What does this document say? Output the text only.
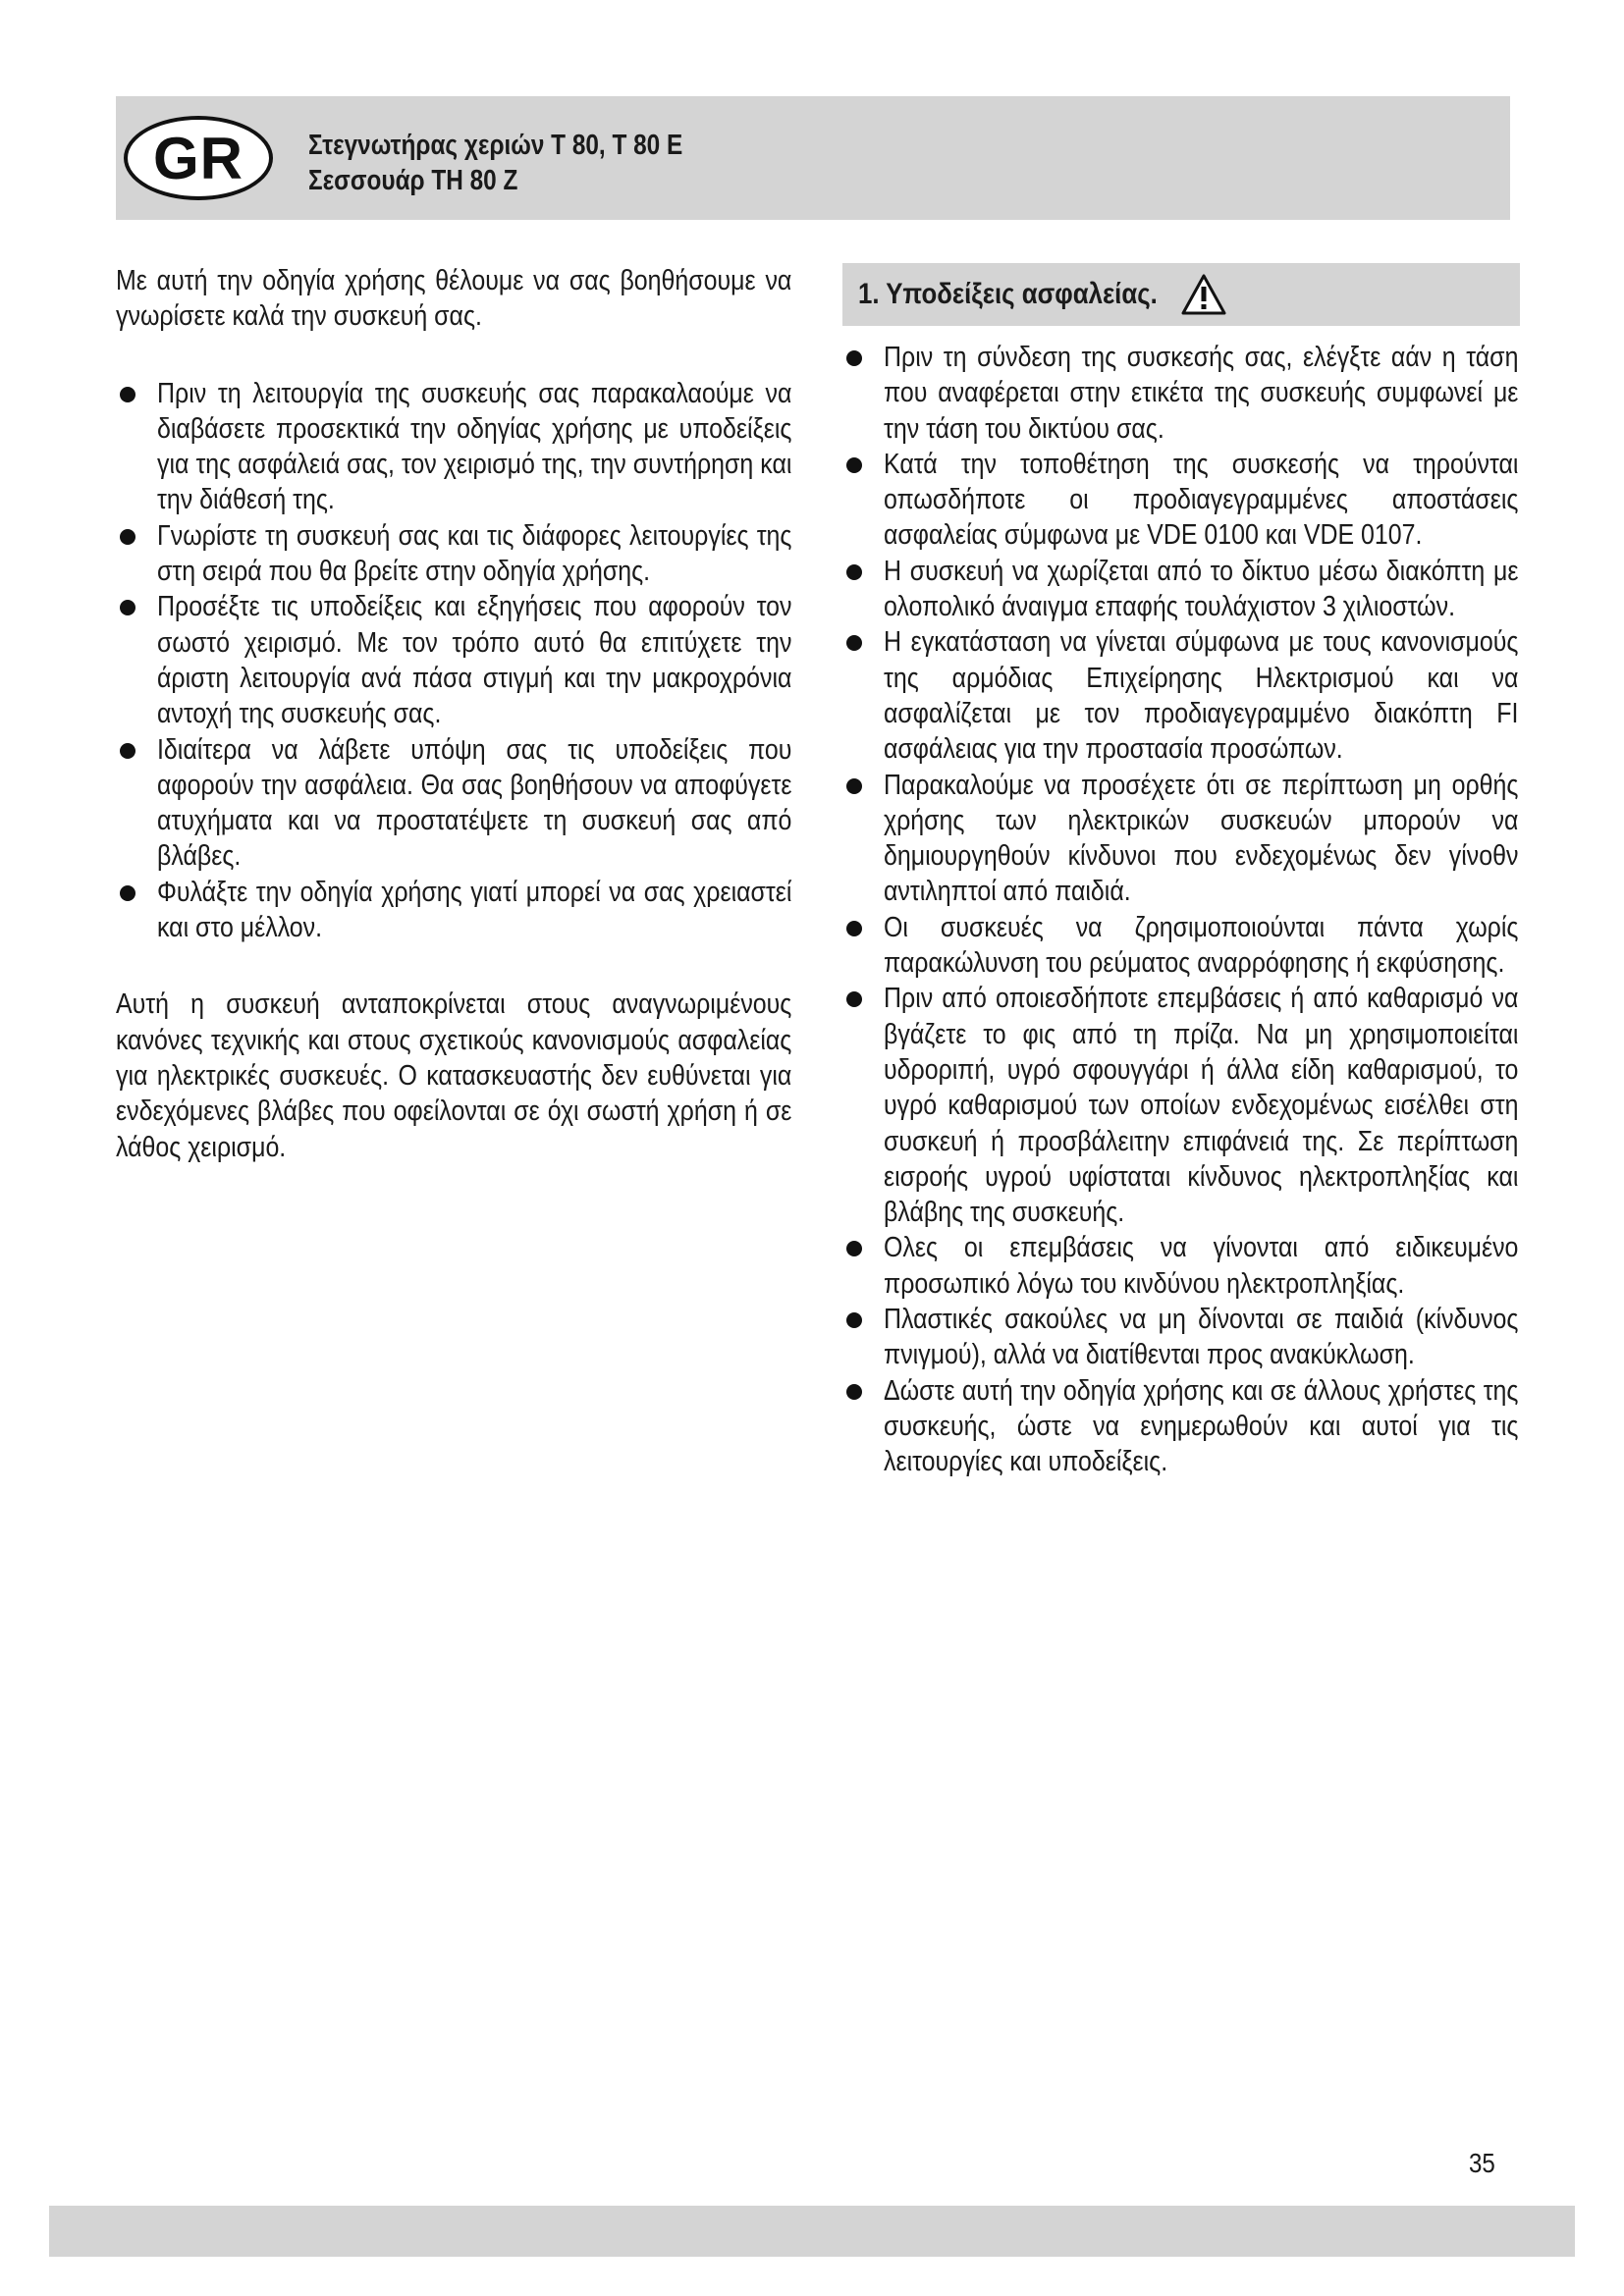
GR	Στεγνωτήρας χεριών T 80, T 80 E
Σεσσουάρ TH 80 Z

Με αυτή την οδηγία χρήσης θέλουμε να σας βοηθήσουμε να γνωρίσετε καλά την συσκευή σας.

Πριν τη λειτουργία της συσκευής σας παρακαλαούμε να διαβάσετε προσεκτικά την οδηγίας χρήσης με υποδείξεις για της ασφάλειά σας, τον χειρισμό της, την συντήρηση και την διάθεσή της.
Γνωρίστε τη συσκευή σας και τις διάφορες λειτουργίες της στη σειρά που θα βρείτε στην οδηγία χρήσης.
Προσέξτε τις υποδείξεις και εξηγήσεις που αφορούν τον σωστό χειρισμό. Με τον τρόπο αυτό θα επιτύχετε την άριστη λειτουργία ανά πάσα στιγμή και την μακροχρόνια αντοχή της συσκευής σας.
Ιδιαίτερα να λάβετε υπόψη σας τις υποδείξεις που αφορούν την ασφάλεια. Θα σας βοηθήσουν να αποφύγετε ατυχήματα και να προστατέψετε τη συσκευή σας από βλάβες.
Φυλάξτε την οδηγία χρήσης γιατί μπορεί να σας χρειαστεί και στο μέλλον.

Αυτή η συσκευή ανταποκρίνεται στους αναγνωριμένους κανόνες τεχνικής και στους σχετικούς κανονισμούς ασφαλείας για ηλεκτρικές συσκευές. Ο κατασκευαστής δεν ευθύνεται για ενδεχόμενες βλάβες που οφείλονται σε όχι σωστή χρήση ή σε λάθος χειρισμό.

1. Υποδείξεις ασφαλείας.
Πριν τη σύνδεση της συσκεσής σας, ελέγξτε αάν η τάση που αναφέρεται στην ετικέτα της συσκευής συμφωνεί με την τάση του δικτύου σας.
Κατά την τοποθέτηση της συσκεσής να τηρούνται οπωσδήποτε οι προδιαγεγραμμένες αποστάσεις ασφαλείας σύμφωνα με VDE 0100 και VDE 0107.
Η συσκευή να χωρίζεται από το δίκτυο μέσω διακόπτη με ολοπολικό άναιγμα επαφής τουλάχιστον 3 χιλιοστών.
Η εγκατάσταση να γίνεται σύμφωνα με τους κανονισμούς της αρμόδιας Επιχείρησης Ηλεκτρισμού και να ασφαλίζεται με τον προδιαγεγραμμένο διακόπτη FI ασφάλειας για την προστασία προσώπων.
Παρακαλούμε να προσέχετε ότι σε περίπτωση μη ορθής χρήσης των ηλεκτρικών συσκευών μπορούν να δημιουργηθούν κίνδυνοι που ενδεχομένως δεν γίνοθν αντιληπτοί από παιδιά.
Οι συσκευές να ζρησιμοποιούνται πάντα χωρίς παρακώλυνση του ρεύματος αναρρόφησης ή εκφύσησης.
Πριν από οποιεσδήποτε επεμβάσεις ή από καθαρισμό να βγάζετε το φις από τη πρίζα. Να μη χρησιμοποιείται υδροριπή, υγρό σφουγγάρι ή άλλα είδη καθαρισμού, το υγρό καθαρισμού των οποίων ενδεχομένως εισέλθει στη συσκευή ή προσβάλειτην επιφάνειά της. Σε περίπτωση εισροής υγρού υφίσταται κίνδυνος ηλεκτροπληξίας και βλάβης της συσκευής.
Ολες οι επεμβάσεις να γίνονται από ειδικευμένο προσωπικό λόγω του κινδύνου ηλεκτροπληξίας.
Πλαστικές σακούλες να μη δίνονται σε παιδιά (κίνδυνος πνιγμού), αλλά να διατίθενται προς ανακύκλωση.
Δώστε αυτή την οδηγία χρήσης και σε άλλους χρήστες της συσκευής, ώστε να ενημερωθούν και αυτοί για τις λειτουργίες και υποδείξεις.
35
